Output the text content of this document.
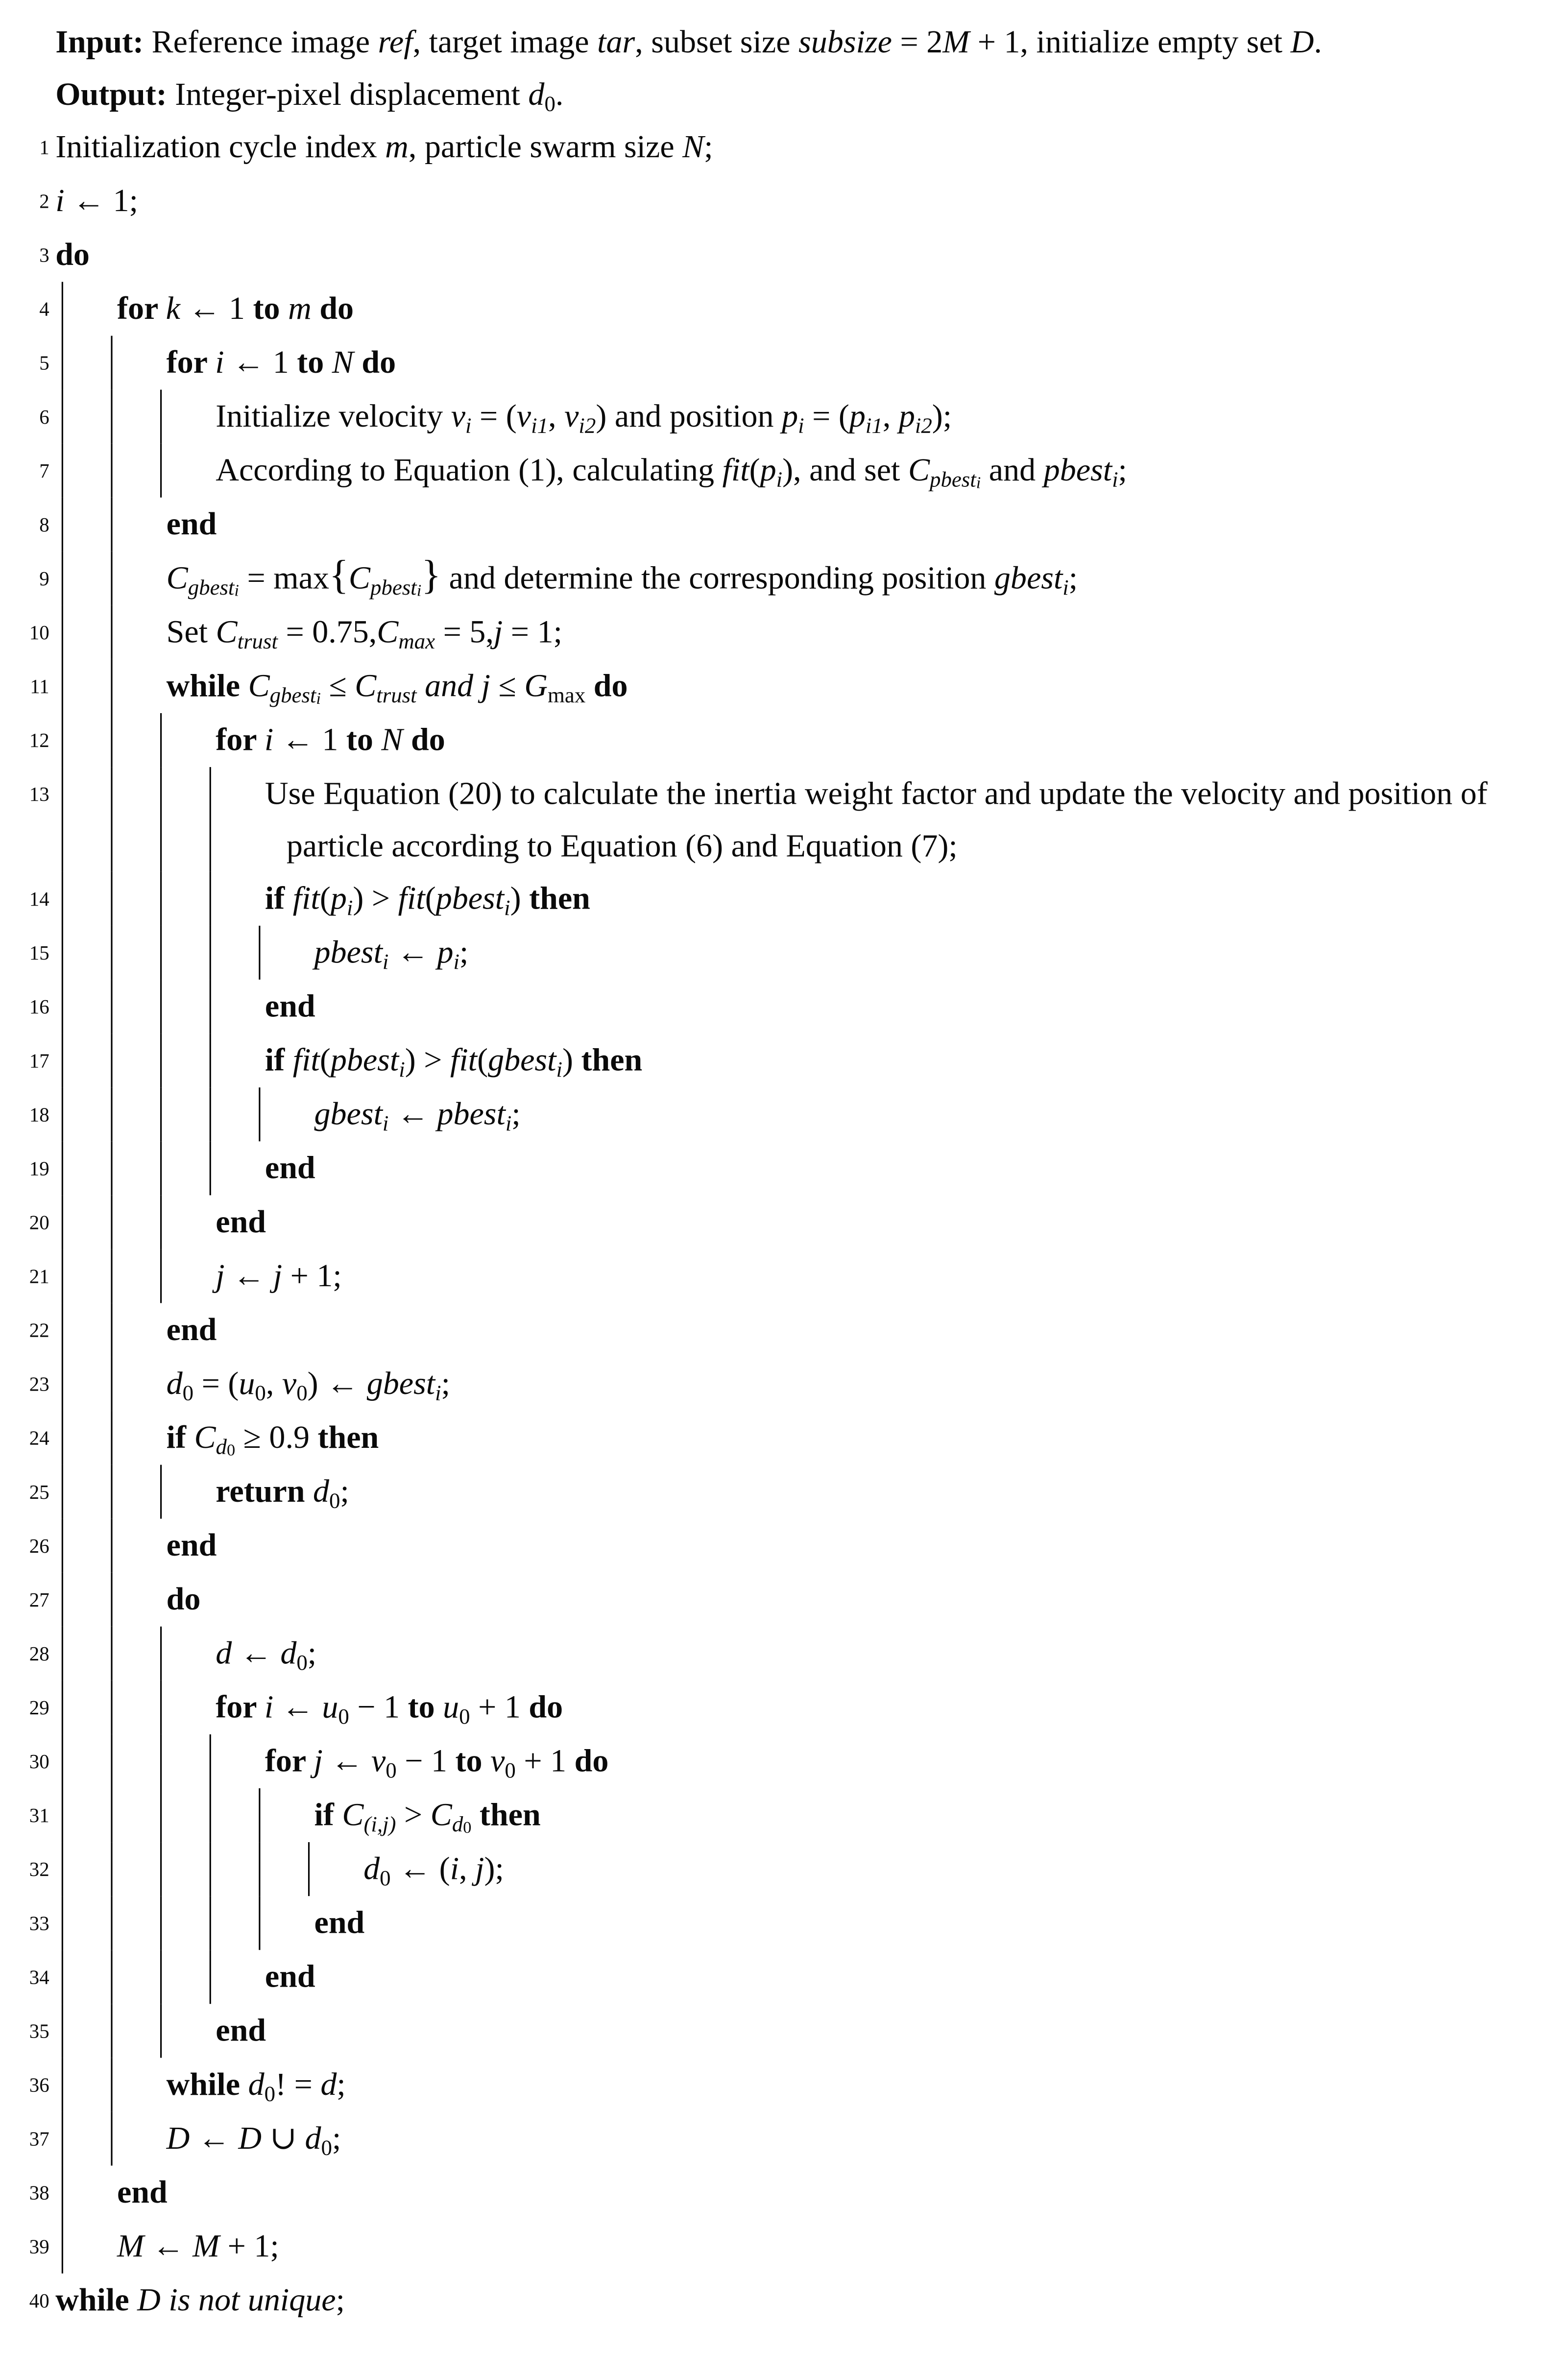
Input: Reference image ref, target image tar, subset size subsize = 2M + 1, initialize empty set D.
Output: Integer-pixel displacement $d_0$.
1 Initialization cycle index m, particle swarm size N;
2 i ← 1;
3 do
4	for k ← 1 to m do
5	for i ← 1 to N do
6	Initialize velocity $v_i = (v_{i1}$, $v_{i2}$) and position $p_i = (p_{i1}$, $p_{i2}$);
7	According to Equation (1), calculating $fit(p_i)$, and set $C_{pbesti}$ and pbest$_i$;
8	end
9	$C_{gbesti} = \max\{C_{pbesti}\}$ and determine the corresponding position gbest$_i$;
10	Set $C_{trust} = 0.75,C_{max} = 5,j = 1$;
11	while $C_{gbesti} \le C_{trust}$ and $j \le G_{max}$ do
12	for i ← 1 to N do
13	Use Equation (20) to calculate the inertia weight factor and update the velocity and position of particle according to Equation (6) and Equation (7);
14	if $fit(p_i)$ > fit(pbest$_i$) then
15	pbest$_i$ ← $p_i$;
16	end
17	if fit(pbest$_i$) > fit(gbest$_i$) then
18	gbest$_i$ ← pbest$_i$;
19	end
20	end
21	j ← j + 1;
22	end
23	$d_0 = (u_0$, $v_0$) ← gbest$_i$;
24	if $C_{d0} \ge 0.9$ then
25	return $d_0$;
26	end
27	do
28	d ← $d_0$;
29	for i ← $u_0 - 1$ to $u_0 + 1$ do
30	for j ← $v_0 - 1$ to $v_0 + 1$ do
31	if $C_{(i,j)} > C_{d0}$ then
32	$d_0$ ← (i, j);
33	end
34	end
35	end
36	while $d_0$! = d;
37	D ← D ∪ $d_0$;
38	end
39	M ← M + 1;
40 while D is not unique;
